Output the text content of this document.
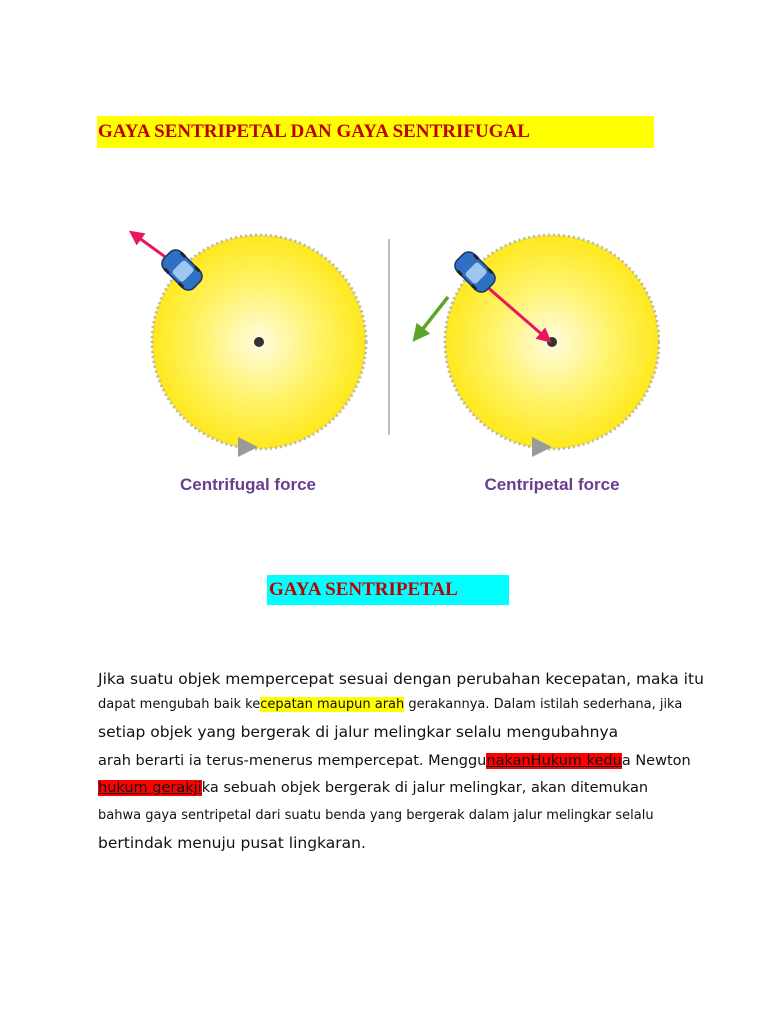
GAYA SENTRIPETAL DAN GAYA SENTRIFUGAL
Centrifugal force	Centripetal force
GAYA SENTRIPETAL
Jika suatu objek mempercepat sesuai dengan perubahan kecepatan, maka itu
dapat mengubah baik kecepatan maupun arah gerakannya. Dalam istilah sederhana, jika
setiap objek yang bergerak di jalur melingkar selalu mengubahnya
arah berarti ia terus-menerus mempercepat. MenggunakanHukum kedua Newton
hukum gerakjika sebuah objek bergerak di jalur melingkar, akan ditemukan
bahwa gaya sentripetal dari suatu benda yang bergerak dalam jalur melingkar selalu
bertindak menuju pusat lingkaran.
